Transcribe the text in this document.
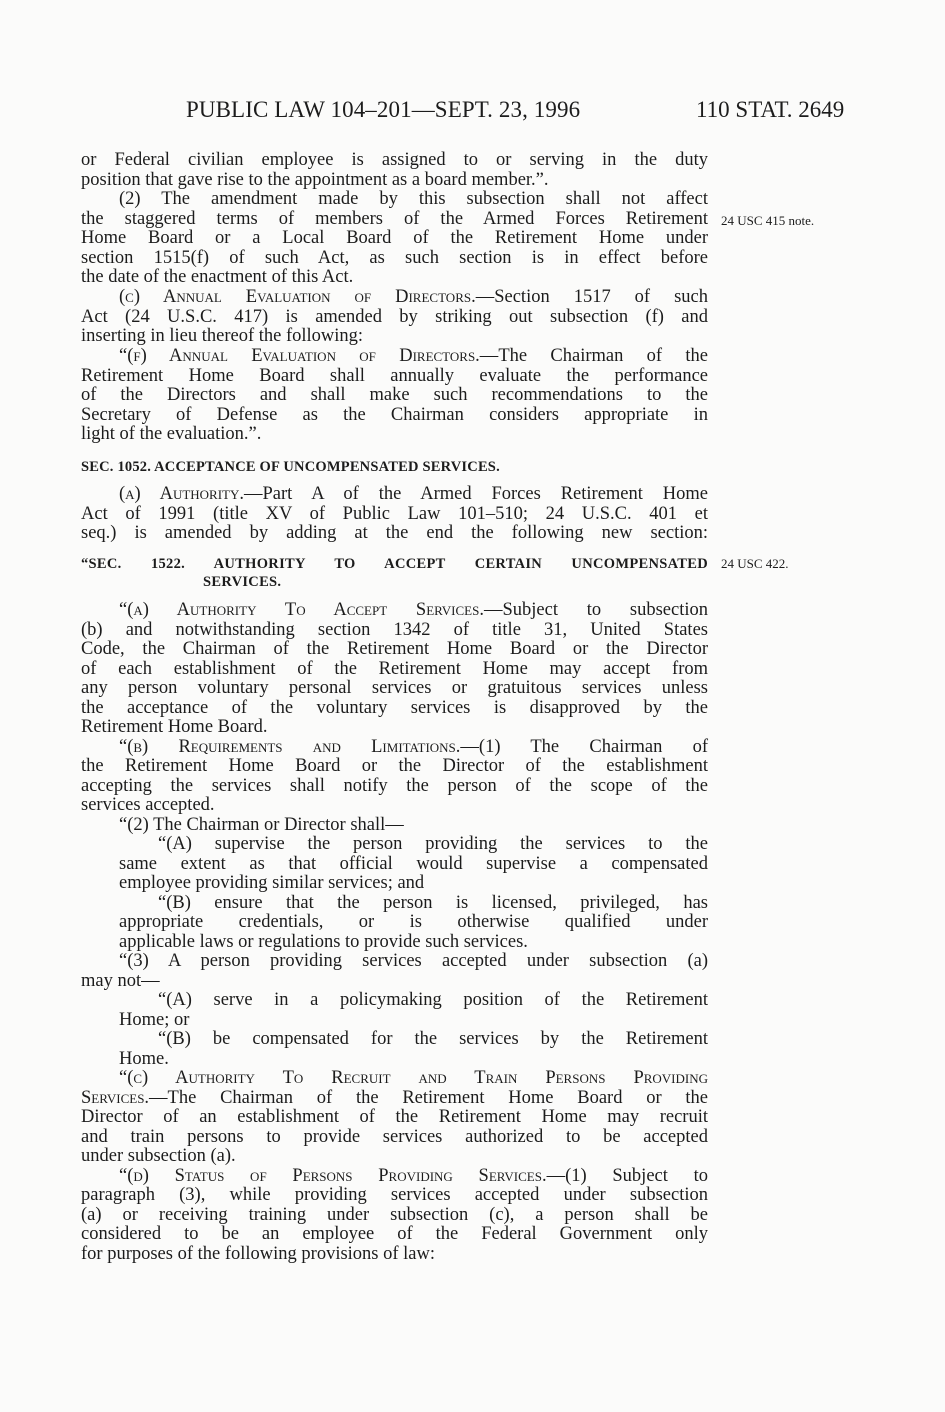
PUBLIC LAW 104–201—SEPT. 23, 1996	110 STAT. 2649
24 USC 415 note.
24 USC 422.
or Federal civilian employee is assigned to or serving in the duty
position that gave rise to the appointment as a board member.”.
(2) The amendment made by this subsection shall not affect
the staggered terms of members of the Armed Forces Retirement
Home Board or a Local Board of the Retirement Home under
section 1515(f) of such Act, as such section is in effect before
the date of the enactment of this Act.
(c) Annual Evaluation of Directors.—Section 1517 of such
Act (24 U.S.C. 417) is amended by striking out subsection (f) and
inserting in lieu thereof the following:
“(f) Annual Evaluation of Directors.—The Chairman of the
Retirement Home Board shall annually evaluate the performance
of the Directors and shall make such recommendations to the
Secretary of Defense as the Chairman considers appropriate in
light of the evaluation.”.
SEC. 1052. ACCEPTANCE OF UNCOMPENSATED SERVICES.
(a) Authority.—Part A of the Armed Forces Retirement Home
Act of 1991 (title XV of Public Law 101–510; 24 U.S.C. 401 et
seq.) is amended by adding at the end the following new section:
“SEC. 1522. AUTHORITY TO ACCEPT CERTAIN UNCOMPENSATED
SERVICES.
“(a) Authority To Accept Services.—Subject to subsection
(b) and notwithstanding section 1342 of title 31, United States
Code, the Chairman of the Retirement Home Board or the Director
of each establishment of the Retirement Home may accept from
any person voluntary personal services or gratuitous services unless
the acceptance of the voluntary services is disapproved by the
Retirement Home Board.
“(b) Requirements and Limitations.—(1) The Chairman of
the Retirement Home Board or the Director of the establishment
accepting the services shall notify the person of the scope of the
services accepted.
“(2) The Chairman or Director shall—
“(A) supervise the person providing the services to the
same extent as that official would supervise a compensated
employee providing similar services; and
“(B) ensure that the person is licensed, privileged, has
appropriate credentials, or is otherwise qualified under
applicable laws or regulations to provide such services.
“(3) A person providing services accepted under subsection (a)
may not—
“(A) serve in a policymaking position of the Retirement
Home; or
“(B) be compensated for the services by the Retirement
Home.
“(c) Authority To Recruit and Train Persons Providing
Services.—The Chairman of the Retirement Home Board or the
Director of an establishment of the Retirement Home may recruit
and train persons to provide services authorized to be accepted
under subsection (a).
“(d) Status of Persons Providing Services.—(1) Subject to
paragraph (3), while providing services accepted under subsection
(a) or receiving training under subsection (c), a person shall be
considered to be an employee of the Federal Government only
for purposes of the following provisions of law:
